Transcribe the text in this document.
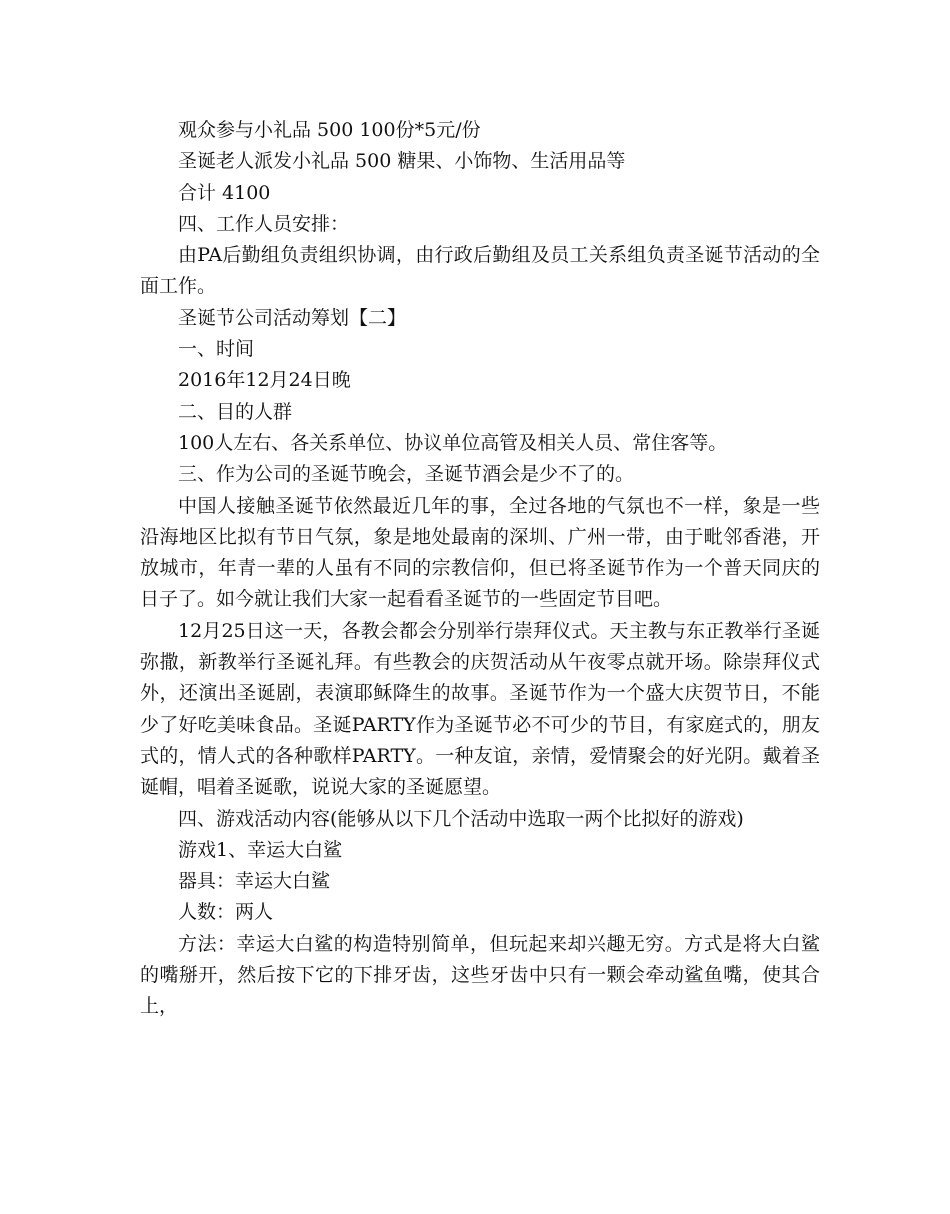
观众参与小礼品 500 100份*5元/份

圣诞老人派发小礼品 500 糖果、小饰物、生活用品等

合计 4100

四、工作人员安排：

由PA后勤组负责组织协调，由行政后勤组及员工关系组负责圣诞节活动的全面工作。

圣诞节公司活动筹划【二】

一、时间

2016年12月24日晚

二、目的人群

100人左右、各关系单位、协议单位高管及相关人员、常住客等。

三、作为公司的圣诞节晚会，圣诞节酒会是少不了的。

中国人接触圣诞节依然最近几年的事，全过各地的气氛也不一样，象是一些沿海地区比拟有节日气氛，象是地处最南的深圳、广州一带，由于毗邻香港，开放城市，年青一辈的人虽有不同的宗教信仰，但已将圣诞节作为一个普天同庆的日子了。如今就让我们大家一起看看圣诞节的一些固定节目吧。

12月25日这一天，各教会都会分别举行崇拜仪式。天主教与东正教举行圣诞弥撒，新教举行圣诞礼拜。有些教会的庆贺活动从午夜零点就开场。除崇拜仪式外，还演出圣诞剧，表演耶稣降生的故事。圣诞节作为一个盛大庆贺节日，不能少了好吃美味食品。圣诞PARTY作为圣诞节必不可少的节目，有家庭式的，朋友式的，情人式的各种歌样PARTY。一种友谊，亲情，爱情聚会的好光阴。戴着圣诞帽，唱着圣诞歌，说说大家的圣诞愿望。

四、游戏活动内容(能够从以下几个活动中选取一两个比拟好的游戏)

游戏1、幸运大白鲨

器具：幸运大白鲨

人数：两人

方法：幸运大白鲨的构造特别简单，但玩起来却兴趣无穷。方式是将大白鲨的嘴掰开，然后按下它的下排牙齿，这些牙齿中只有一颗会牵动鲨鱼嘴，使其合上，
